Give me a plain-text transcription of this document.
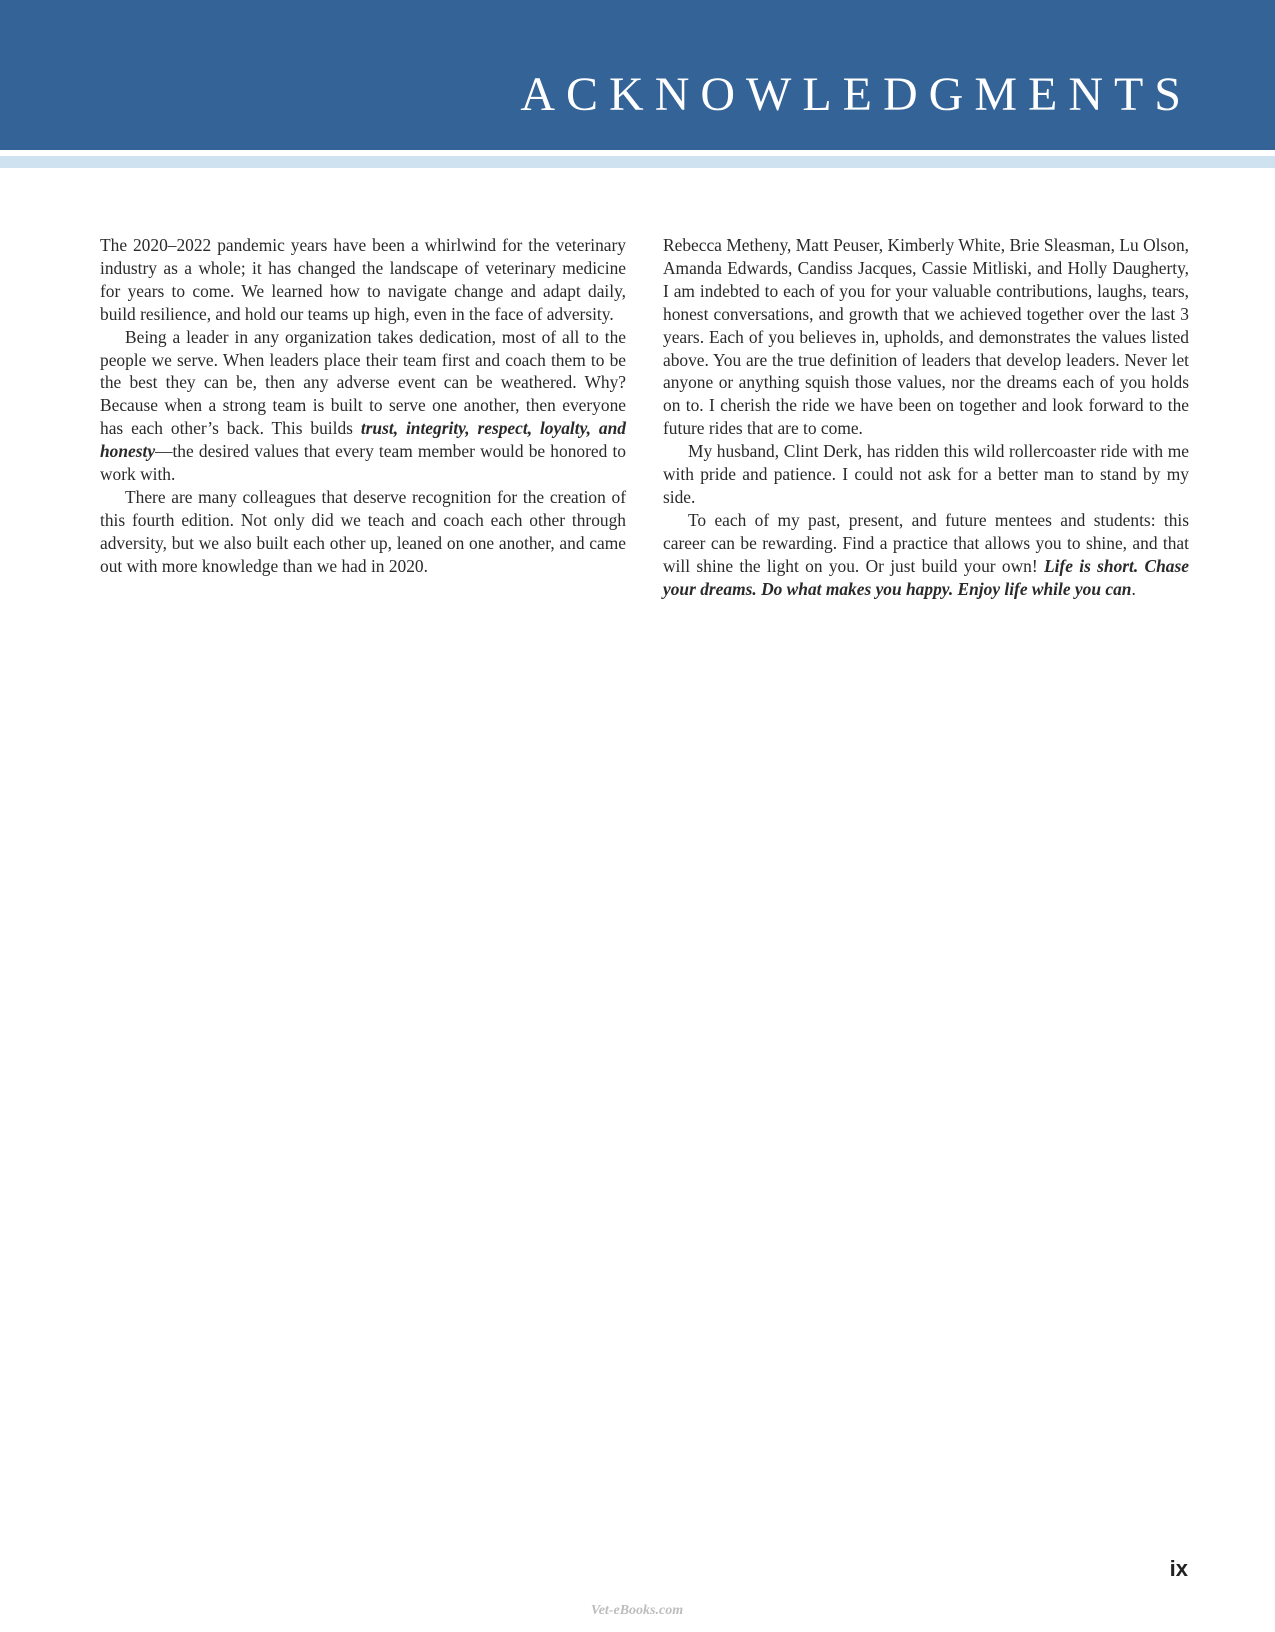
ACKNOWLEDGMENTS

The 2020–2022 pandemic years have been a whirlwind for the veterinary industry as a whole; it has changed the landscape of veterinary medicine for years to come. We learned how to navigate change and adapt daily, build resilience, and hold our teams up high, even in the face of adversity.

Being a leader in any organization takes dedication, most of all to the people we serve. When leaders place their team first and coach them to be the best they can be, then any adverse event can be weathered. Why? Because when a strong team is built to serve one another, then everyone has each other’s back. This builds trust, integrity, respect, loyalty, and honesty—the desired values that every team member would be honored to work with.

There are many colleagues that deserve recognition for the creation of this fourth edition. Not only did we teach and coach each other through adversity, but we also built each other up, leaned on one another, and came out with more knowledge than we had in 2020.

Rebecca Metheny, Matt Peuser, Kimberly White, Brie Sleasman, Lu Olson, Amanda Edwards, Candiss Jacques, Cassie Mitliski, and Holly Daugherty, I am indebted to each of you for your valuable contributions, laughs, tears, honest conversations, and growth that we achieved together over the last 3 years. Each of you believes in, upholds, and demonstrates the values listed above. You are the true definition of leaders that develop leaders. Never let anyone or anything squish those values, nor the dreams each of you holds on to. I cherish the ride we have been on together and look forward to the future rides that are to come.

My husband, Clint Derk, has ridden this wild rollercoaster ride with me with pride and patience. I could not ask for a better man to stand by my side.

To each of my past, present, and future mentees and students: this career can be rewarding. Find a practice that allows you to shine, and that will shine the light on you. Or just build your own! Life is short. Chase your dreams. Do what makes you happy. Enjoy life while you can.

ix
Vet-eBooks.com
